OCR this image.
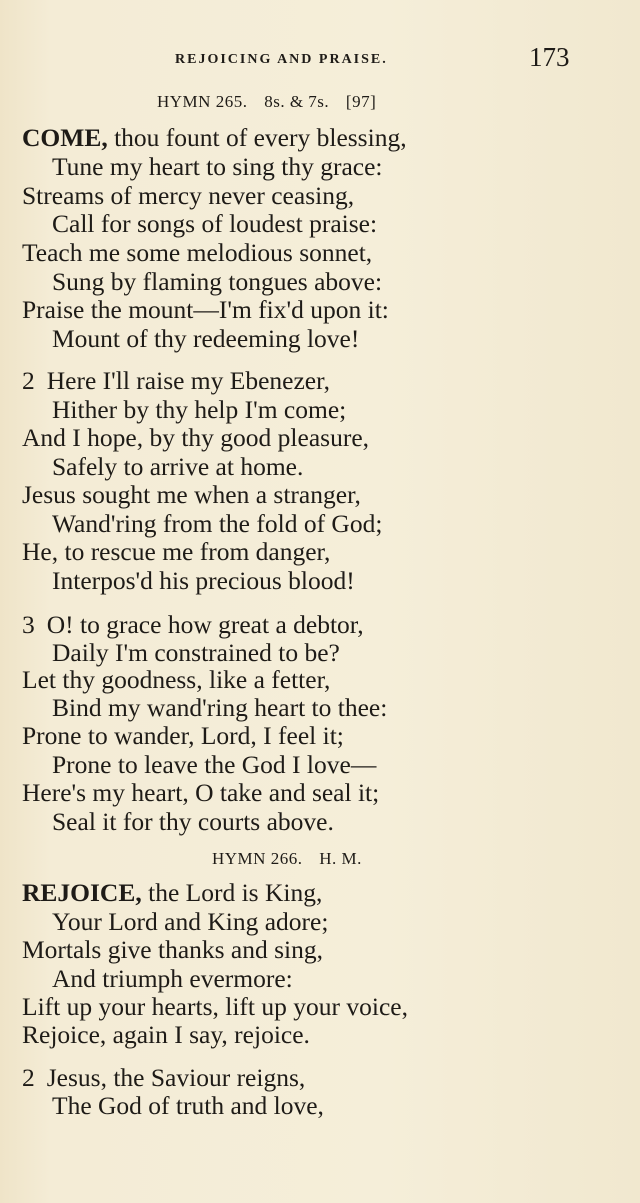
REJOICING AND PRAISE.	173
HYMN 265. 8s. & 7s. [97]
COME, thou fount of every blessing,
Tune my heart to sing thy grace:
Streams of mercy never ceasing,
Call for songs of loudest praise:
Teach me some melodious sonnet,
Sung by flaming tongues above:
Praise the mount—I'm fix'd upon it:
Mount of thy redeeming love!
2 Here I'll raise my Ebenezer,
Hither by thy help I'm come;
And I hope, by thy good pleasure,
Safely to arrive at home.
Jesus sought me when a stranger,
Wand'ring from the fold of God;
He, to rescue me from danger,
Interpos'd his precious blood!
3 O! to grace how great a debtor,
Daily I'm constrained to be?
Let thy goodness, like a fetter,
Bind my wand'ring heart to thee:
Prone to wander, Lord, I feel it;
Prone to leave the God I love—
Here's my heart, O take and seal it;
Seal it for thy courts above.
HYMN 266. H. M.
REJOICE, the Lord is King,
Your Lord and King adore;
Mortals give thanks and sing,
And triumph evermore:
Lift up your hearts, lift up your voice,
Rejoice, again I say, rejoice.
2 Jesus, the Saviour reigns,
The God of truth and love,
